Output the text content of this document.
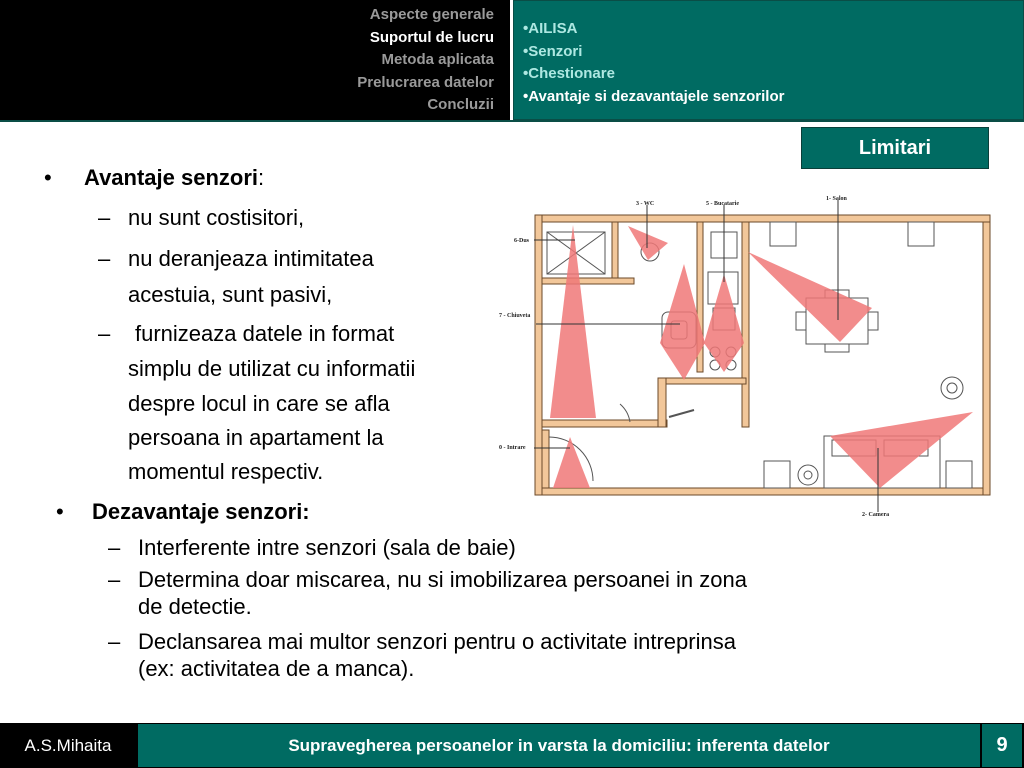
Aspecte generale
Suportul de lucru
Metoda aplicata
Prelucrarea datelor
Concluzii
•AILISA
•Senzori
•Chestionare
•Avantaje si dezavantajele senzorilor
Limitari
• Avantaje senzori:
– nu sunt costisitori,
– nu deranjeaza intimitatea
acestuia, sunt pasivi,
– furnizeaza datele in format
simplu de utilizat cu informatii
despre locul in care se afla
persoana in apartament la
momentul respectiv.
• Dezavantaje senzori:
– Interferente intre senzori (sala de baie)
– Determina doar miscarea, nu si imobilizarea persoanei in zona
de detectie.
– Declansarea mai multor senzori pentru o activitate intreprinsa
(ex: activitatea de a manca).
3 - WC	5 - Bucatarie
1- Salon
6-Dus
7 - Chiuveta
0 - Intrare
2- Camera
A.S.Mihaita	Supravegherea persoanelor in varsta la domiciliu: inferenta datelor	9
